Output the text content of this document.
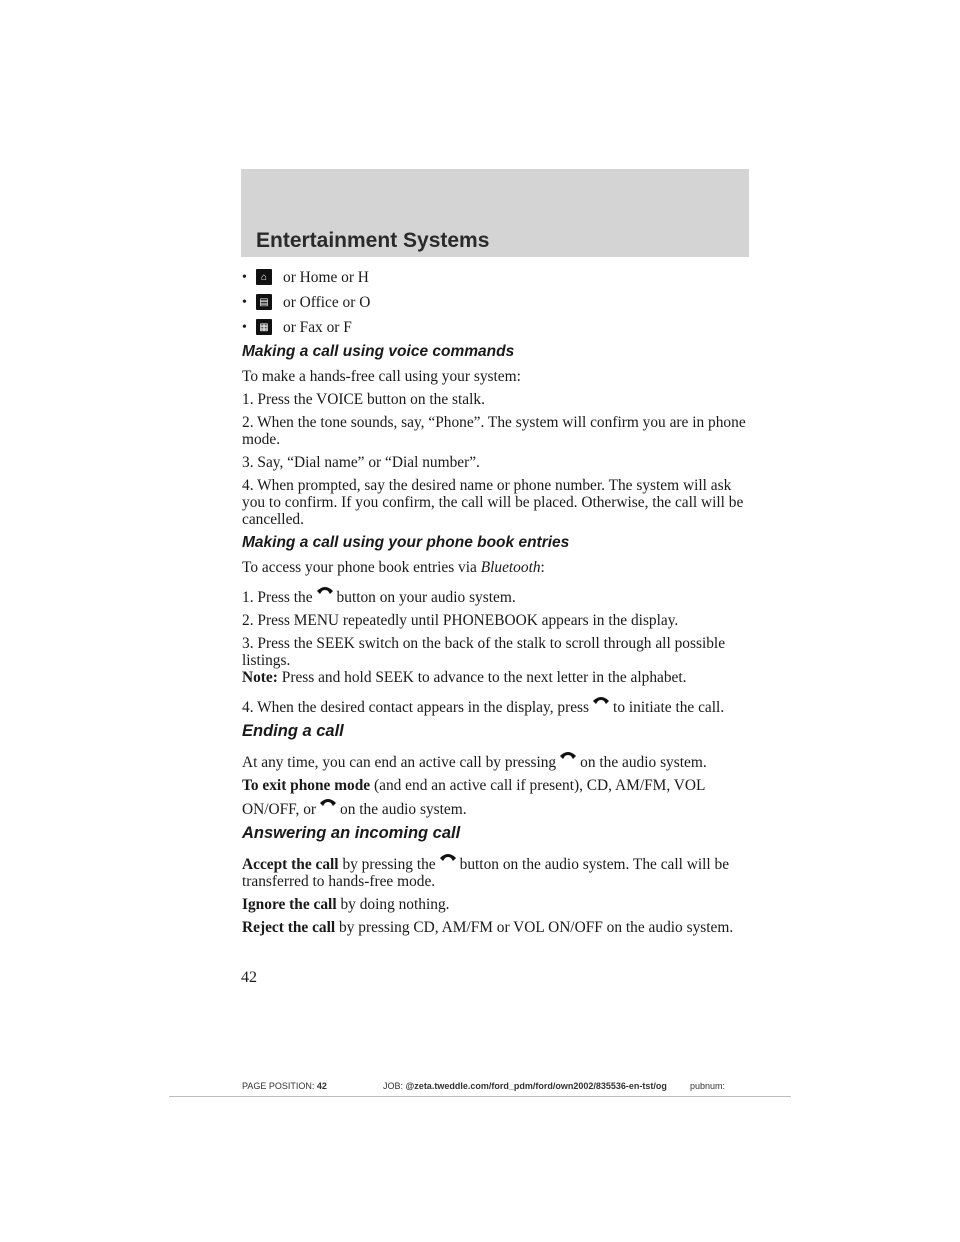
Entertainment Systems
•	⌂	or Home or H
•	▤ or Office or O
•	▦ or Fax or F
Making a call using voice commands

To make a hands-free call using your system:

1. Press the VOICE button on the stalk.

2. When the tone sounds, say, “Phone”. The system will confirm you are in phone mode.

3. Say, “Dial name” or “Dial number”.

4. When prompted, say the desired name or phone number. The system will ask you to confirm. If you confirm, the call will be placed. Otherwise, the call will be cancelled.

Making a call using your phone book entries

To access your phone book entries via Bluetooth:

1. Press the button on your audio system.

2. Press MENU repeatedly until PHONEBOOK appears in the display.

3. Press the SEEK switch on the back of the stalk to scroll through all possible listings.

Note: Press and hold SEEK to advance to the next letter in the alphabet.

4. When the desired contact appears in the display, press to initiate the call.

Ending a call

At any time, you can end an active call by pressing on the audio system.

To exit phone mode (and end an active call if present), CD, AM/FM, VOL ON/OFF, or on the audio system.

Answering an incoming call

Accept the call by pressing the button on the audio system. The call will be transferred to hands-free mode.

Ignore the call by doing nothing.

Reject the call by pressing CD, AM/FM or VOL ON/OFF on the audio system.

42
PAGE POSITION: 42	JOB: @zeta.tweddle.com/ford_pdm/ford/own2002/835536-en-tst/og	pubnum:
